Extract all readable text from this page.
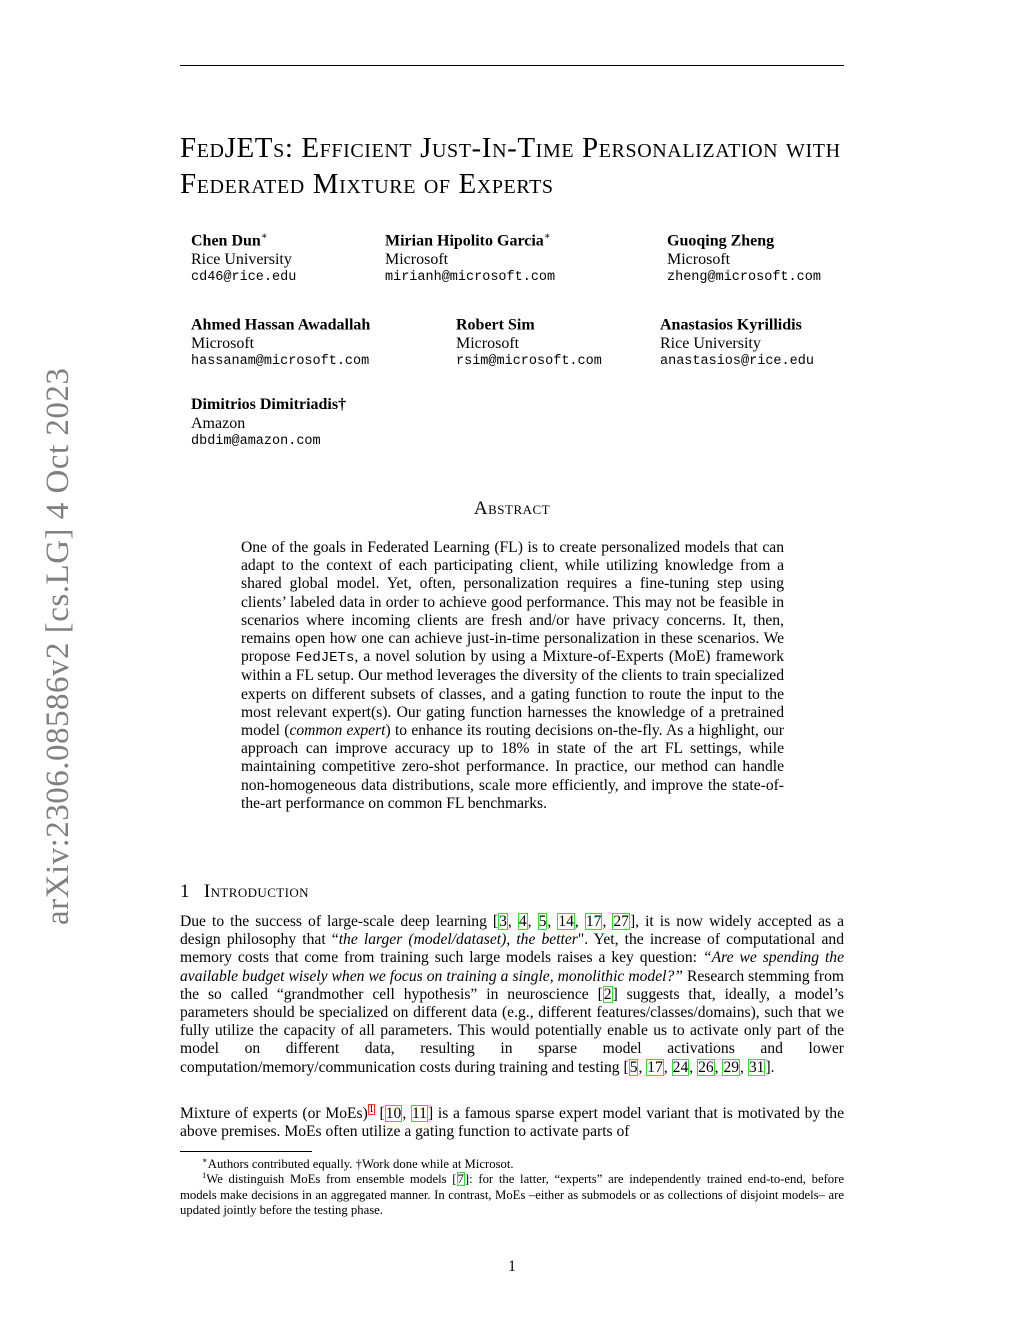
arXiv:2306.08586v2 [cs.LG] 4 Oct 2023
FedJETs: Efficient Just-In-Time Personalization with Federated Mixture of Experts
Chen Dun∗
Rice University
cd46@rice.edu
Mirian Hipolito Garcia∗
Microsoft
mirianh@microsoft.com
Guoqing Zheng
Microsoft
zheng@microsoft.com
Ahmed Hassan Awadallah
Microsoft
hassanam@microsoft.com
Robert Sim
Microsoft
rsim@microsoft.com
Anastasios Kyrillidis
Rice University
anastasios@rice.edu
Dimitrios Dimitriadis†
Amazon
dbdim@amazon.com
Abstract

One of the goals in Federated Learning (FL) is to create personalized models that can adapt to the context of each participating client, while utilizing knowledge from a shared global model. Yet, often, personalization requires a fine-tuning step using clients’ labeled data in order to achieve good performance. This may not be feasible in scenarios where incoming clients are fresh and/or have privacy concerns. It, then, remains open how one can achieve just-in-time personalization in these scenarios. We propose FedJETs, a novel solution by using a Mixture-of-Experts (MoE) framework within a FL setup. Our method leverages the diversity of the clients to train specialized experts on different subsets of classes, and a gating function to route the input to the most relevant expert(s). Our gating function harnesses the knowledge of a pretrained model (common expert) to enhance its routing decisions on-the-fly. As a highlight, our approach can improve accuracy up to 18% in state of the art FL settings, while maintaining competitive zero-shot performance. In practice, our method can handle non-homogeneous data distributions, scale more efficiently, and improve the state-of-the-art performance on common FL benchmarks.

1 Introduction

Due to the success of large-scale deep learning [3, 4, 5, 14, 17, 27], it is now widely accepted as a design philosophy that “the larger (model/dataset), the better". Yet, the increase of computational and memory costs that come from training such large models raises a key question: “Are we spending the available budget wisely when we focus on training a single, monolithic model?” Research stemming from the so called “grandmother cell hypothesis” in neuroscience [2] suggests that, ideally, a model’s parameters should be specialized on different data (e.g., different features/classes/domains), such that we fully utilize the capacity of all parameters. This would potentially enable us to activate only part of the model on different data, resulting in sparse model activations and lower computation/memory/communication costs during training and testing [5, 17, 24, 26, 29, 31].

Mixture of experts (or MoEs)$^1$ [10, 11] is a famous sparse expert model variant that is motivated by the above premises. MoEs often utilize a gating function to activate parts of

∗Authors contributed equally. †Work done while at Microsot.

$^1$We distinguish MoEs from ensemble models [7]: for the latter, “experts” are independently trained end-to-end, before models make decisions in an aggregated manner. In contrast, MoEs –either as submodels or as collections of disjoint models– are updated jointly before the testing phase.

1
